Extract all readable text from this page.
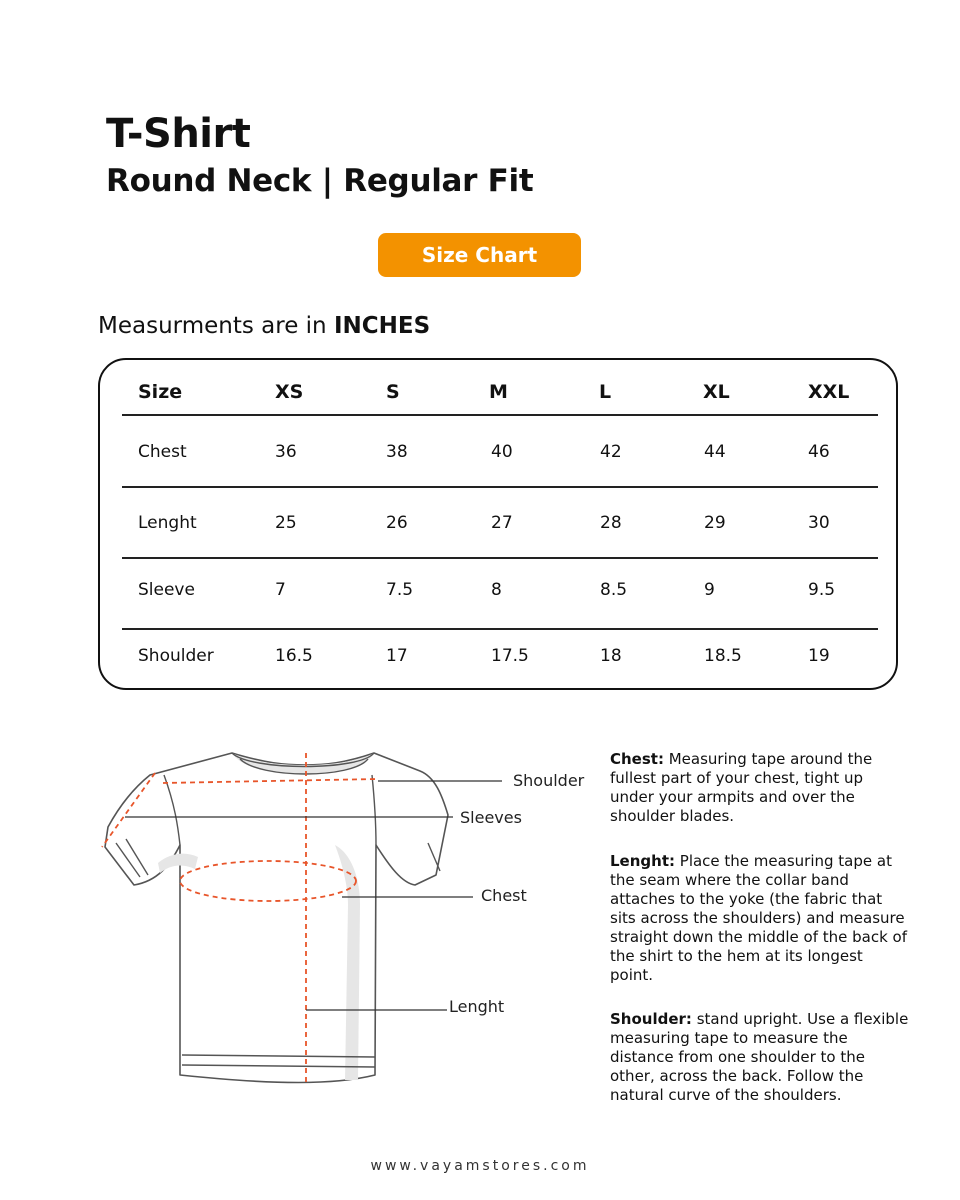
T-Shirt
Round Neck | Regular Fit
Size Chart
Measurments are in INCHES
Size	XS	S	M	L	XL	XXL
Chest	36	38	40	42	44	46
Lenght	25	26	27	28	29	30
Sleeve	7	7.5	8	8.5	9	9.5
Shoulder	16.5	17	17.5	18	18.5	19
Shoulder
Sleeves
Chest
Lenght

Chest: Measuring tape around the fullest part of your chest, tight up under your armpits and over the shoulder blades.

Lenght: Place the measuring tape at the seam where the collar band attaches to the yoke (the fabric that sits across the shoulders) and measure straight down the middle of the back of the shirt to the hem at its longest point.

Shoulder: stand upright. Use a flexible measuring tape to measure the distance from one shoulder to the other, across the back. Follow the natural curve of the shoulders.

www.vayamstores.com
